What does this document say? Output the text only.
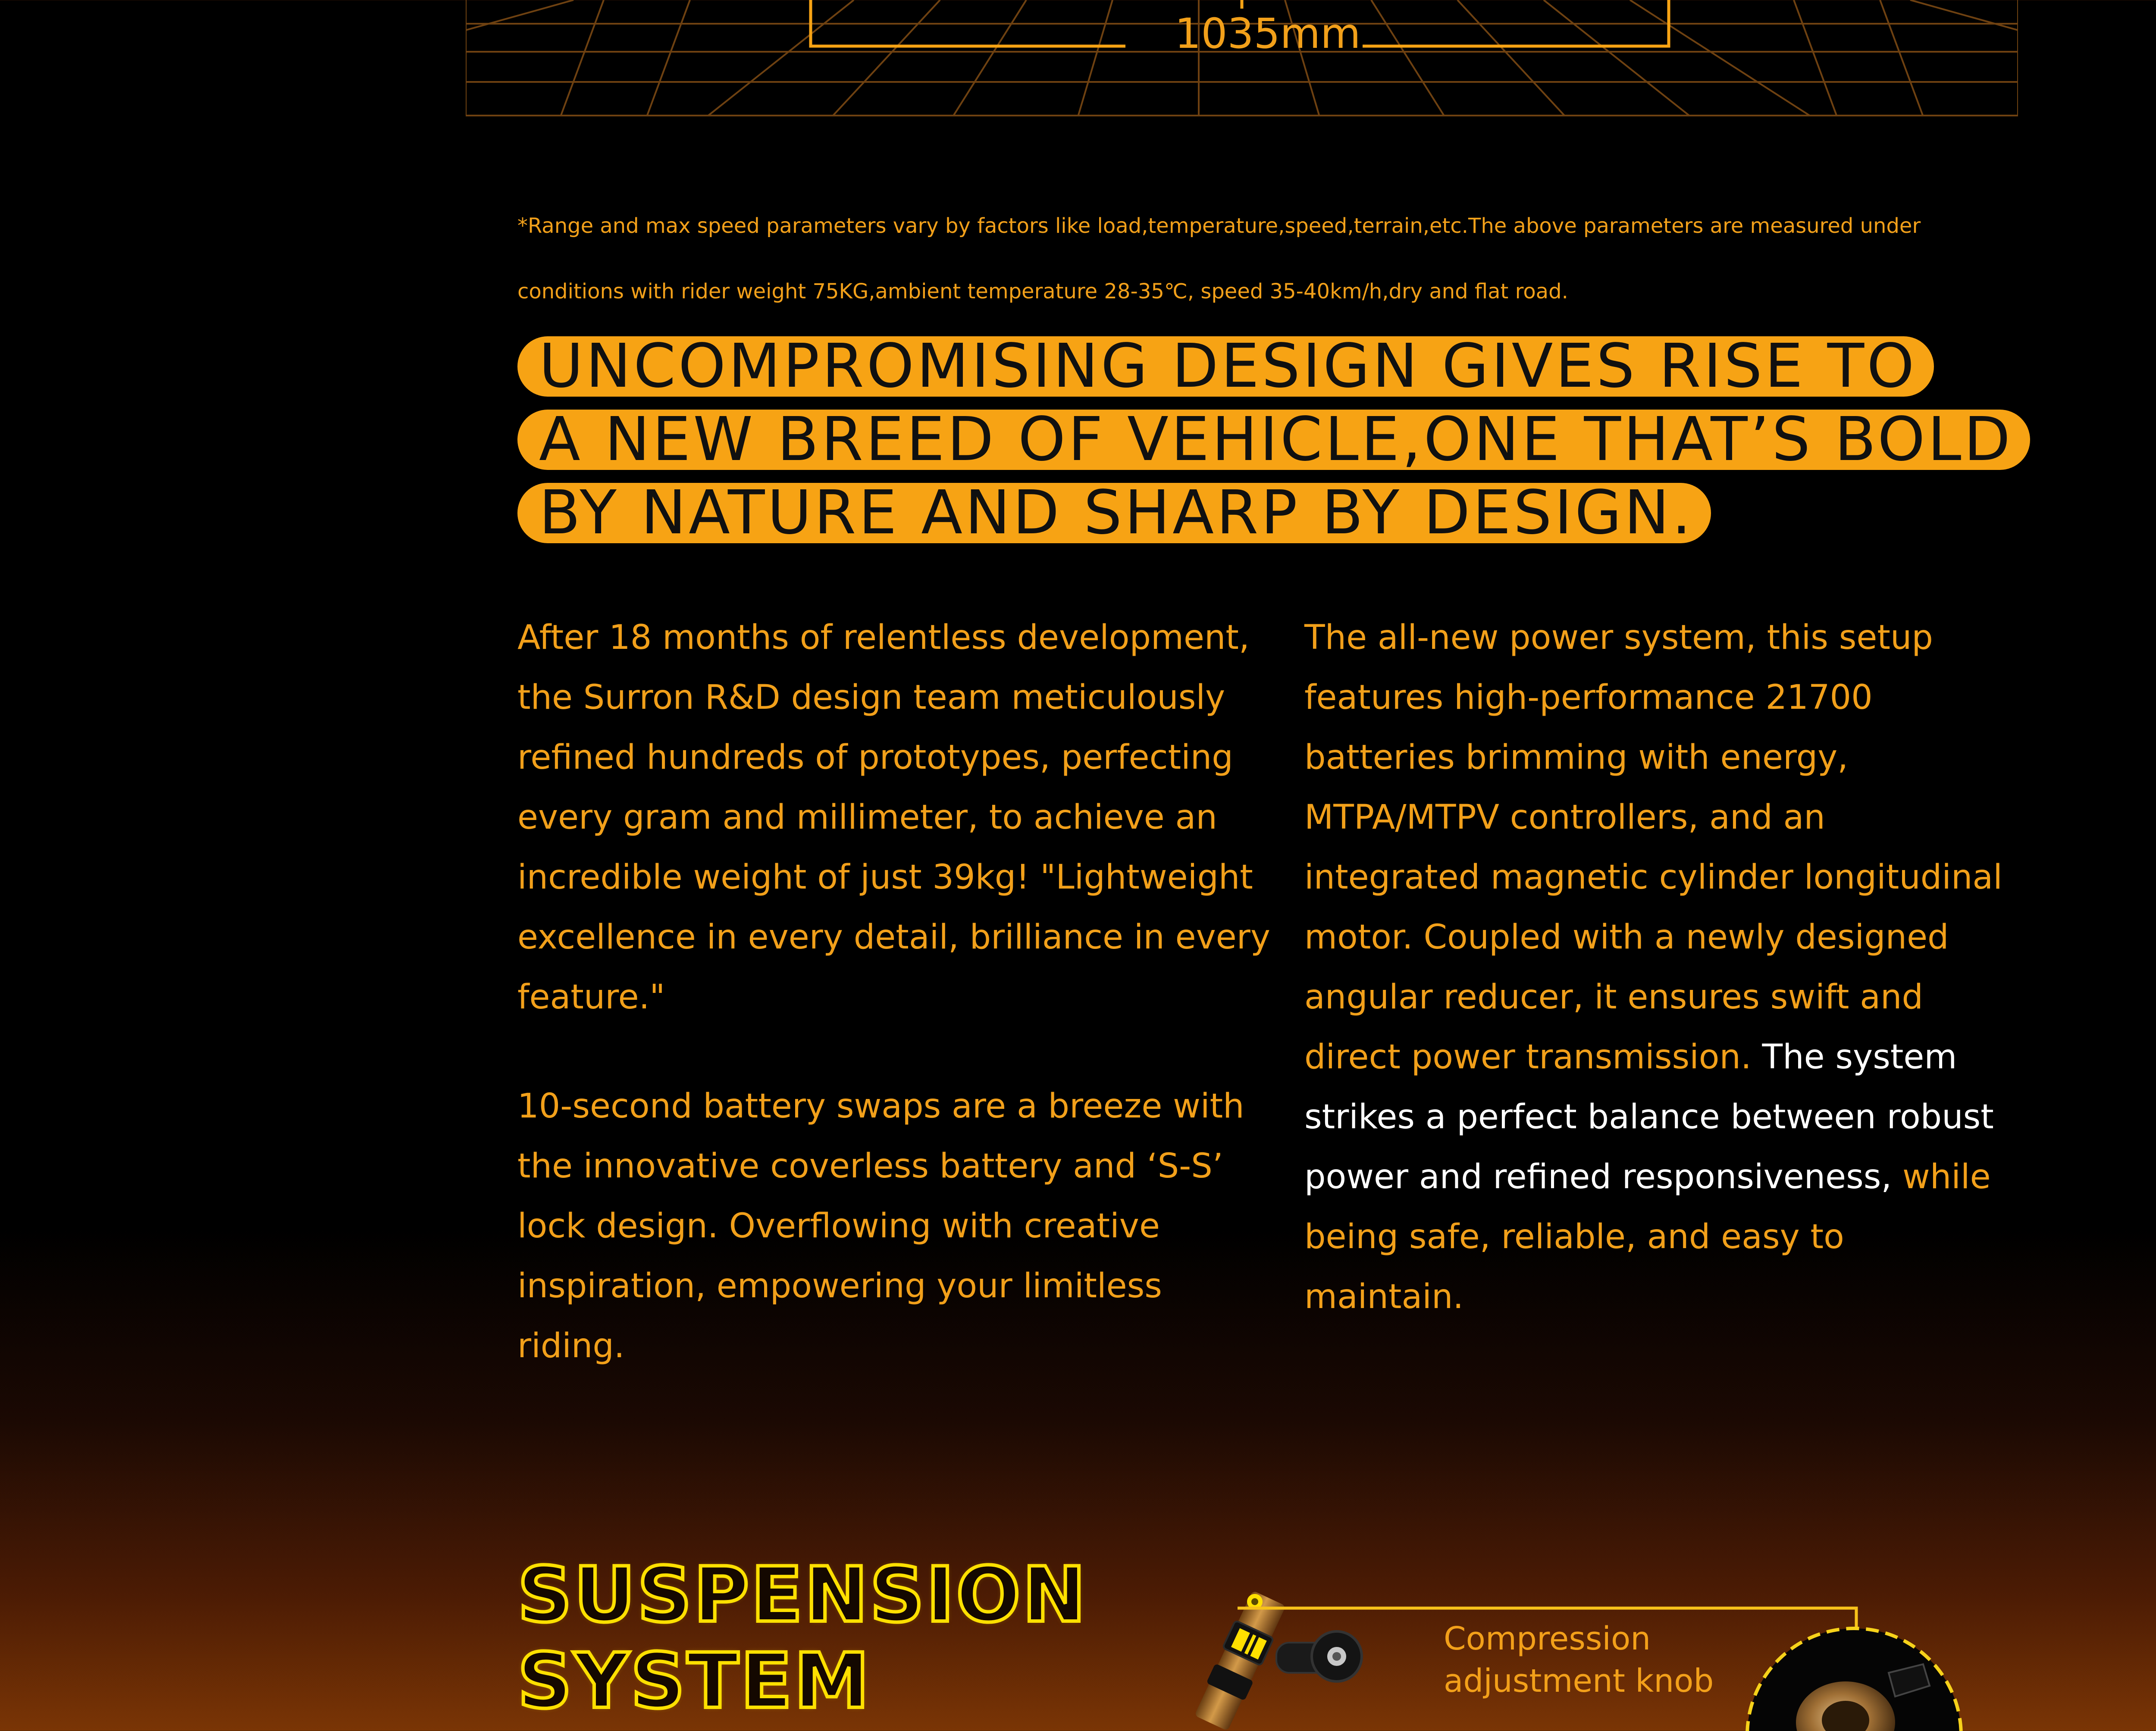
1035mm

*Range and max speed parameters vary by factors like load,temperature,speed,terrain,etc.The above parameters are measured under

conditions with rider weight 75KG,ambient temperature 28-35℃, speed 35-40km/h,dry and flat road.

UNCOMPROMISING DESIGN GIVES RISE TO
A NEW BREED OF VEHICLE,ONE THAT’S BOLD
BY NATURE AND SHARP BY DESIGN.

After 18 months of relentless development, the Surron R&D design team meticulously refined hundreds of prototypes, perfecting every gram and millimeter, to achieve an incredible weight of just 39kg! "Lightweight excellence in every detail, brilliance in every feature."

10-second battery swaps are a breeze with the innovative coverless battery and ‘S-S’ lock design. Overflowing with creative inspiration, empowering your limitless riding.

The all-new power system, this setup features high-performance 21700 batteries brimming with energy, MTPA/MTPV controllers, and an integrated magnetic cylinder longitudinal motor. Coupled with a newly designed angular reducer, it ensures swift and direct power transmission. The system strikes a perfect balance between robust power and refined responsiveness, while being safe, reliable, and easy to maintain.

SUSPENSION
SYSTEM	Compression
adjustment knob
